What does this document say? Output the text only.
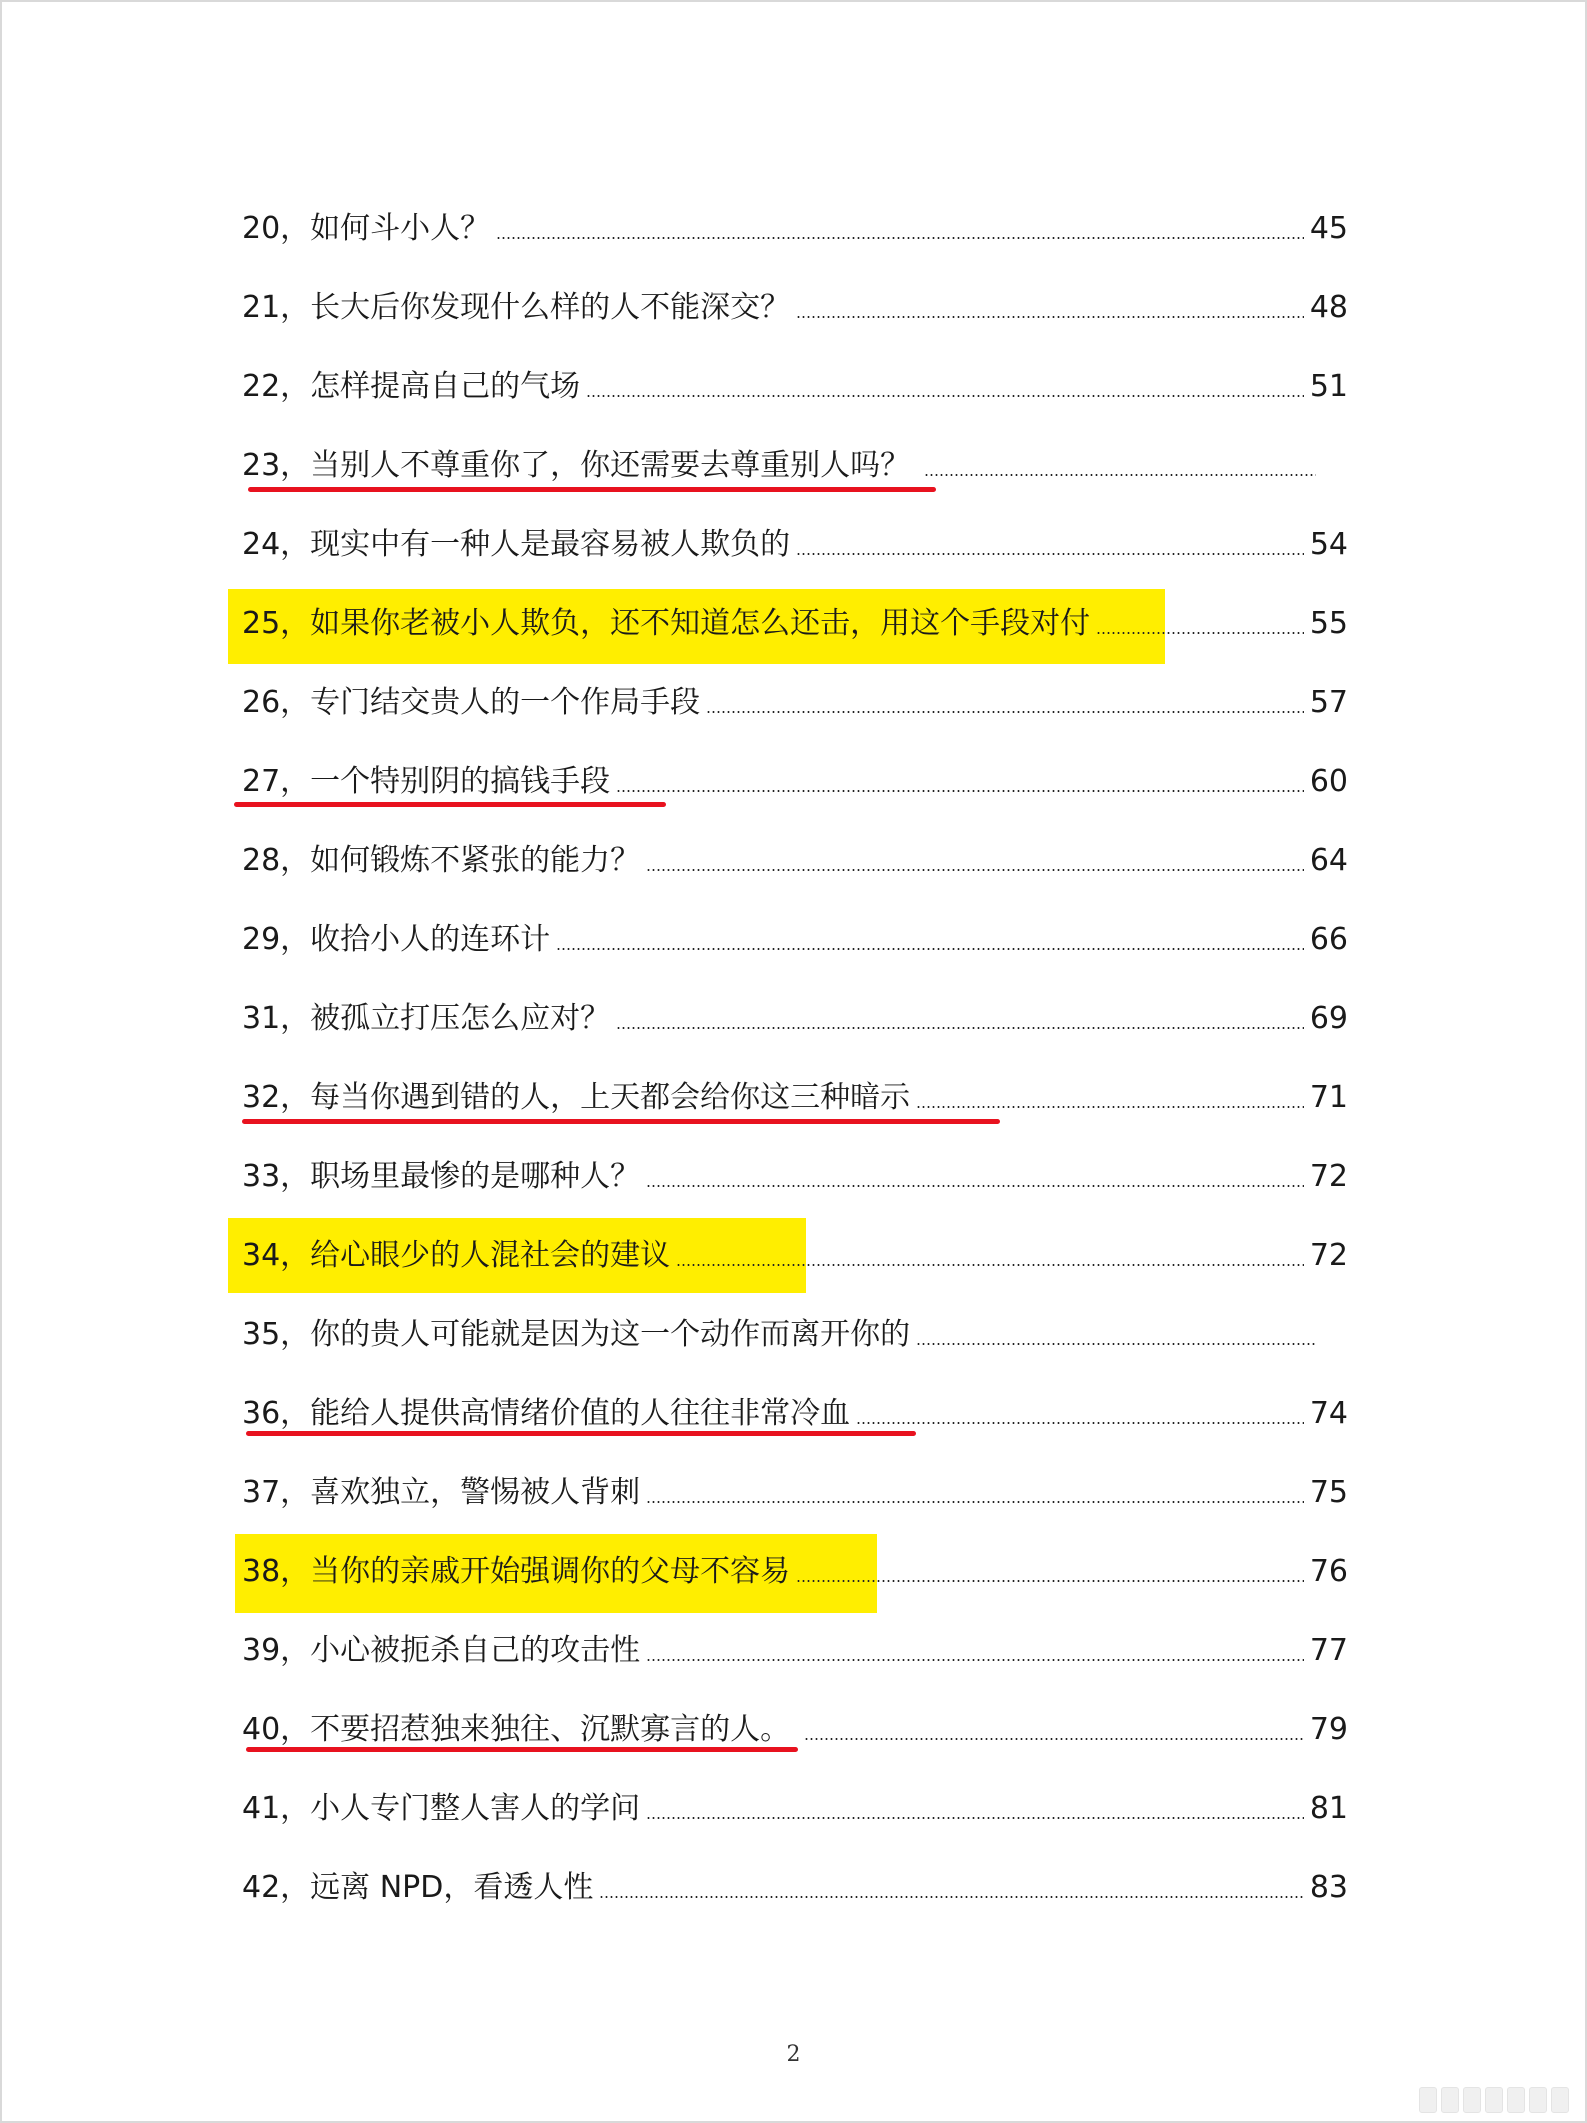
20，如何斗小人？	45
21，长大后你发现什么样的人不能深交？	48
22，怎样提高自己的气场	51
23，当别人不尊重你了，你还需要去尊重别人吗？
24，现实中有一种人是最容易被人欺负的	54
25，如果你老被小人欺负，还不知道怎么还击，用这个手段对付	55
26，专门结交贵人的一个作局手段	57
27，一个特别阴的搞钱手段	60
28，如何锻炼不紧张的能力？	64
29，收拾小人的连环计	66
31，被孤立打压怎么应对？	69
32，每当你遇到错的人，上天都会给你这三种暗示	71
33，职场里最惨的是哪种人？	72
34，给心眼少的人混社会的建议	72
35，你的贵人可能就是因为这一个动作而离开你的
36，能给人提供高情绪价值的人往往非常冷血	74
37，喜欢独立，警惕被人背刺	75
38，当你的亲戚开始强调你的父母不容易	76
39，小心被扼杀自己的攻击性	77
40，不要招惹独来独往、沉默寡言的人。	79
41，小人专门整人害人的学问	81
42，远离 NPD，看透人性	83
2
